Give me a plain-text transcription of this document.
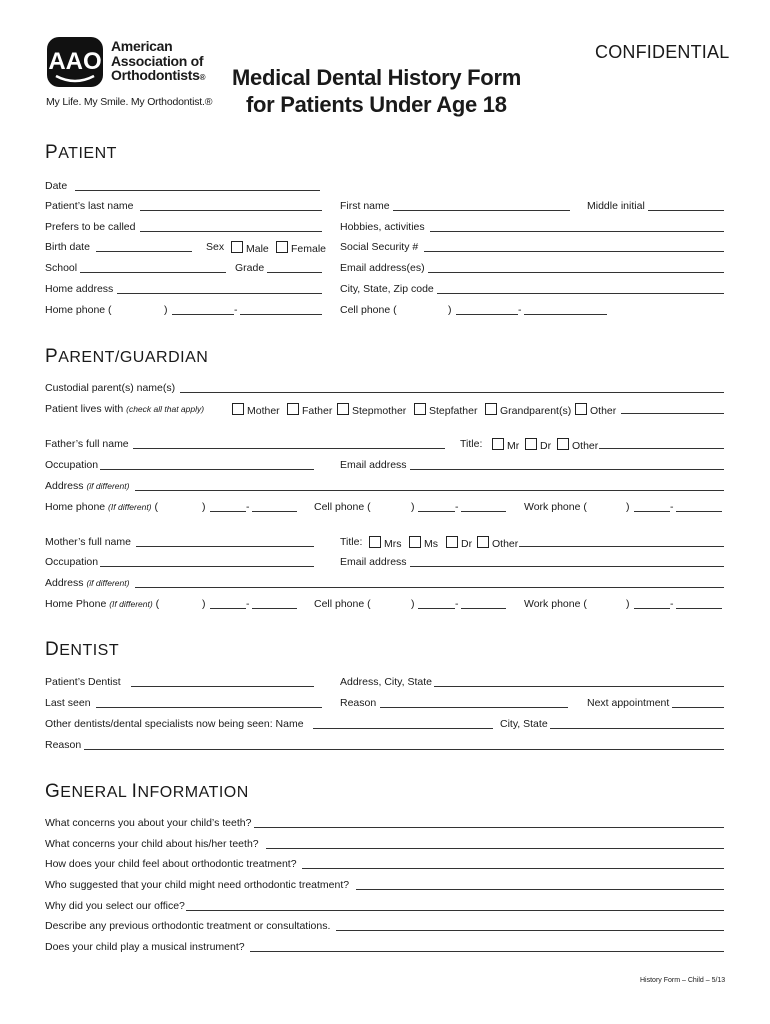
AAO
American
Association of
Orthodontists®
My Life. My Smile. My Orthodontist.®
CONFIDENTIAL
Medical Dental History Form
for Patients Under Age 18
PATIENT
Date
Patient’s last name	First name	Middle initial
Prefers to be called	Hobbies, activities
Birth date	Sex	Male	Female Social Security #
School	Grade	Email address(es)
Home address	City, State, Zip code
Home phone (	)	-	Cell phone (	)	-
PARENT/GUARDIAN
Custodial parent(s) name(s)
Patient lives with (check all that apply)	Mother	Father	Stepmother	Stepfather	Grandparent(s)	Other
Father’s full name	Title:	Mr	Dr	Other
Occupation	Email address
Address (if different)
Home phone (If different) (	)	-	Cell phone (	)	-	Work phone (	)	-
Mother’s full name	Title:	Mrs	Ms	Dr	Other
Occupation	Email address
Address (if different)
Home Phone (If different) (	)	-	Cell phone (	)	-	Work phone (	)	-
DENTIST
Patient’s Dentist	Address, City, State
Last seen	Reason	Next appointment
Other dentists/dental specialists now being seen: Name	City, State
Reason
GENERAL INFORMATION
What concerns you about your child’s teeth?
What concerns your child about his/her teeth?
How does your child feel about orthodontic treatment?
Who suggested that your child might need orthodontic treatment?
Why did you select our office?
Describe any previous orthodontic treatment or consultations.
Does your child play a musical instrument?
History Form – Child – 5/13
